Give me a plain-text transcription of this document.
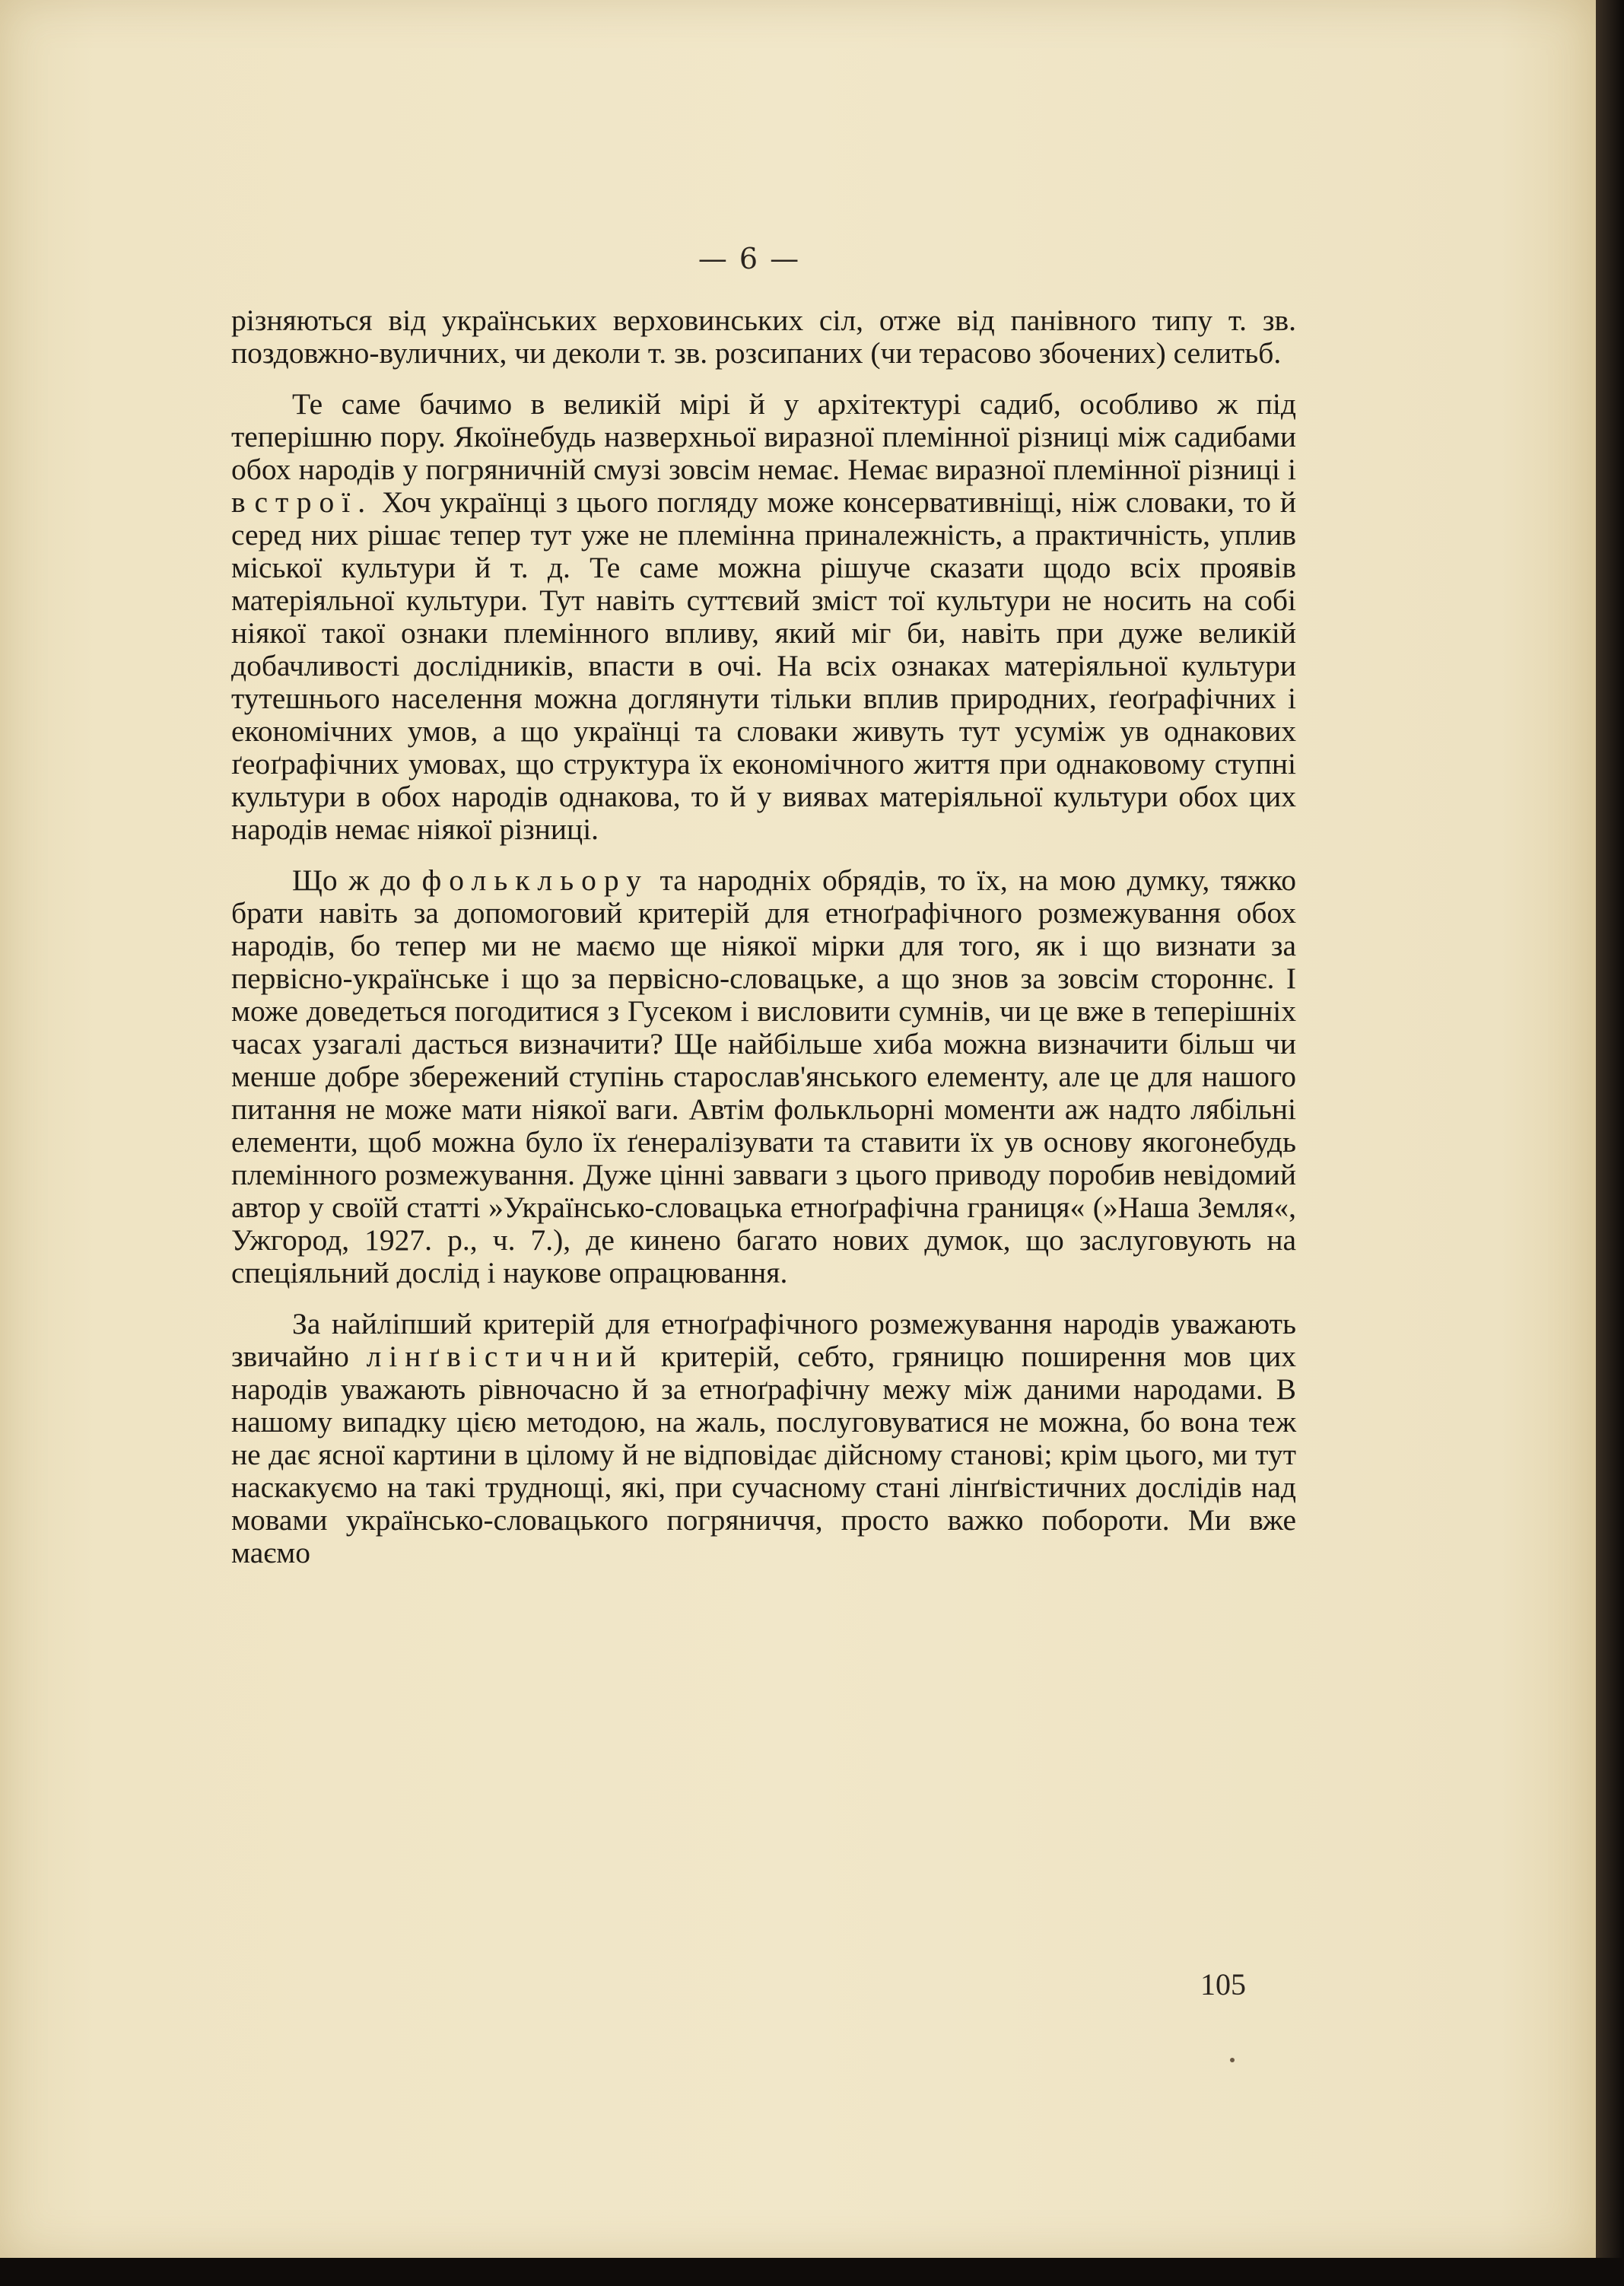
— 6 —

різняються від українських верховинських сіл, отже від панівного типу т. зв. поздовжно-вуличних, чи деколи т. зв. розсипаних (чи терасово збочених) селитьб.

Те саме бачимо в великій мірі й у архітектурі садиб, особливо ж під теперішню пору. Якоїнебудь назверхньої виразної племінної різниці між садибами обох народів у погряничній смузі зовсім немає. Немає виразної племінної різниці і в строї. Хоч українці з цього погляду може консервативніщі, ніж словаки, то й серед них рішає тепер тут уже не племінна приналежність, а практичність, уплив міської культури й т. д. Те саме можна рішуче сказати щодо всіх проявів матеріяльної культури. Тут навіть суттєвий зміст тої культури не носить на собі ніякої такої ознаки племінного впливу, який міг би, навіть при дуже великій добачливості дослідників, впасти в очі. На всіх ознаках матеріяльної культури тутешнього населення можна доглянути тільки вплив природних, ґеоґрафічних і економічних умов, а що українці та словаки живуть тут усуміж ув однакових ґеоґрафічних умовах, що структура їх економічного життя при однаковому ступні культури в обох народів однакова, то й у виявах матеріяльної культури обох цих народів немає ніякої різниці.

Що ж до фолькльору та народніх обрядів, то їх, на мою думку, тяжко брати навіть за допомоговий критерій для етноґрафічного розмежування обох народів, бо тепер ми не маємо ще ніякої мірки для того, як і що визнати за первісно-українське і що за первісно-словацьке, а що знов за зовсім стороннє. І може доведеться погодитися з Гусеком і висловити сумнів, чи це вже в теперішніх часах узагалі дасться визначити? Ще найбільше хиба можна визначити більш чи менше добре збережений ступінь старослав'янського елементу, але це для нашого питання не може мати ніякої ваги. Автім фолькльорні моменти аж надто лябільні елементи, щоб можна було їх ґенералізувати та ставити їх ув основу якогонебудь племінного розмежування. Дуже цінні завваги з цього приводу поробив невідомий автор у своїй статті »Українсько-словацька етноґрафічна границя« (»Наша Земля«, Ужгород, 1927. р., ч. 7.), де кинено багато нових думок, що заслуговують на спеціяльний дослід і наукове опрацювання.

За найліпший критерій для етноґрафічного розмежування народів уважають звичайно лінґвістичний критерій, себто, гряницю поширення мов цих народів уважають рівночасно й за етноґрафічну межу між даними народами. В нашому випадку цією методою, на жаль, послуговуватися не можна, бо вона теж не дає ясної картини в цілому й не відповідає дійсному станові; крім цього, ми тут наскакуємо на такі труднощі, які, при сучасному стані лінґвістичних дослідів над мовами українсько-словацького погряниччя, просто важко побороти. Ми вже маємо

105
